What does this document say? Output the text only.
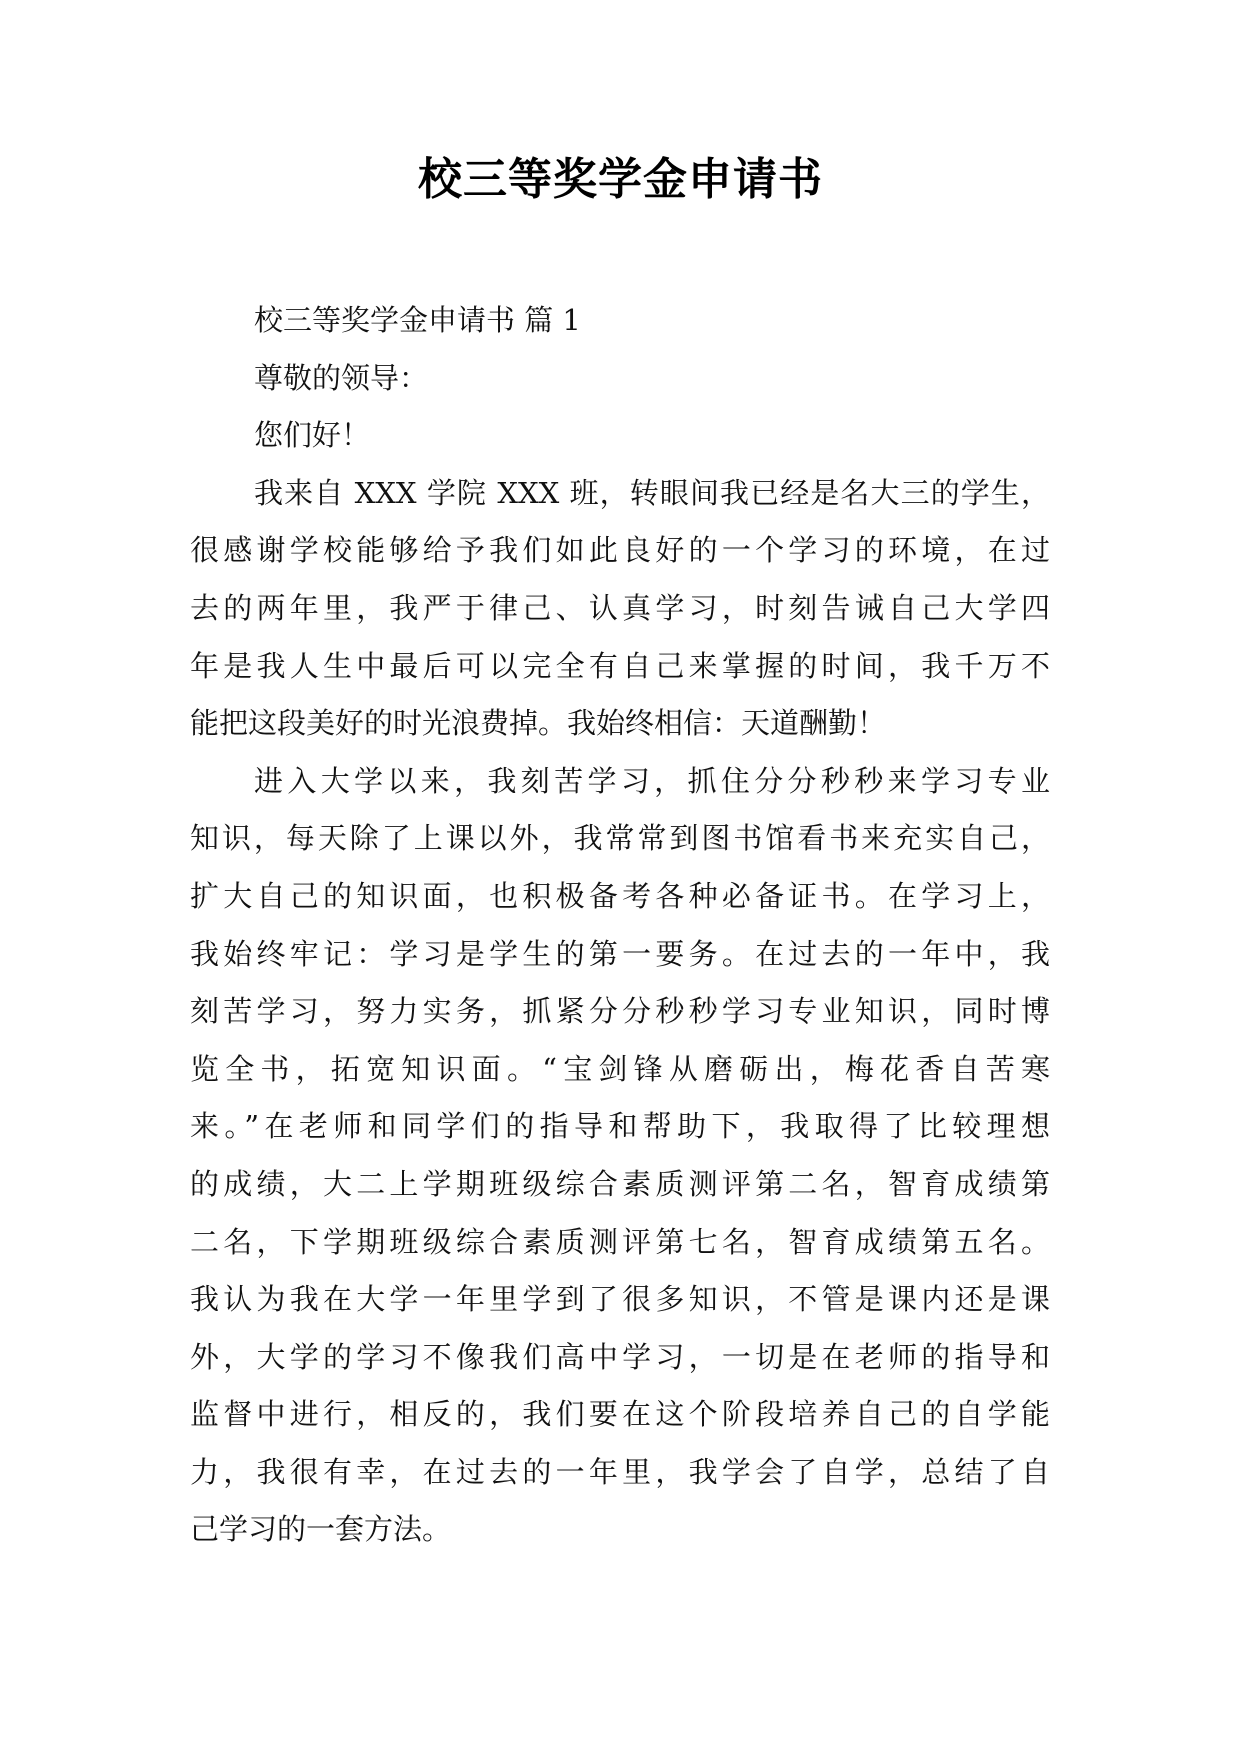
校三等奖学金申请书
校三等奖学金申请书 篇 1
尊敬的领导：
您们好！
我来自 XXX 学院 XXX 班，转眼间我已经是名大三的学生，
很感谢学校能够给予我们如此良好的一个学习的环境，在过
去的两年里，我严于律己、认真学习，时刻告诫自己大学四
年是我人生中最后可以完全有自己来掌握的时间，我千万不
能把这段美好的时光浪费掉。我始终相信：天道酬勤！
进入大学以来，我刻苦学习，抓住分分秒秒来学习专业
知识，每天除了上课以外，我常常到图书馆看书来充实自己，
扩大自己的知识面，也积极备考各种必备证书。在学习上，
我始终牢记：学习是学生的第一要务。在过去的一年中，我
刻苦学习，努力实务，抓紧分分秒秒学习专业知识，同时博
览全书，拓宽知识面。“宝剑锋从磨砺出，梅花香自苦寒
来。”在老师和同学们的指导和帮助下，我取得了比较理想
的成绩，大二上学期班级综合素质测评第二名，智育成绩第
二名，下学期班级综合素质测评第七名，智育成绩第五名。
我认为我在大学一年里学到了很多知识，不管是课内还是课
外，大学的学习不像我们高中学习，一切是在老师的指导和
监督中进行，相反的，我们要在这个阶段培养自己的自学能
力，我很有幸，在过去的一年里，我学会了自学，总结了自
己学习的一套方法。
